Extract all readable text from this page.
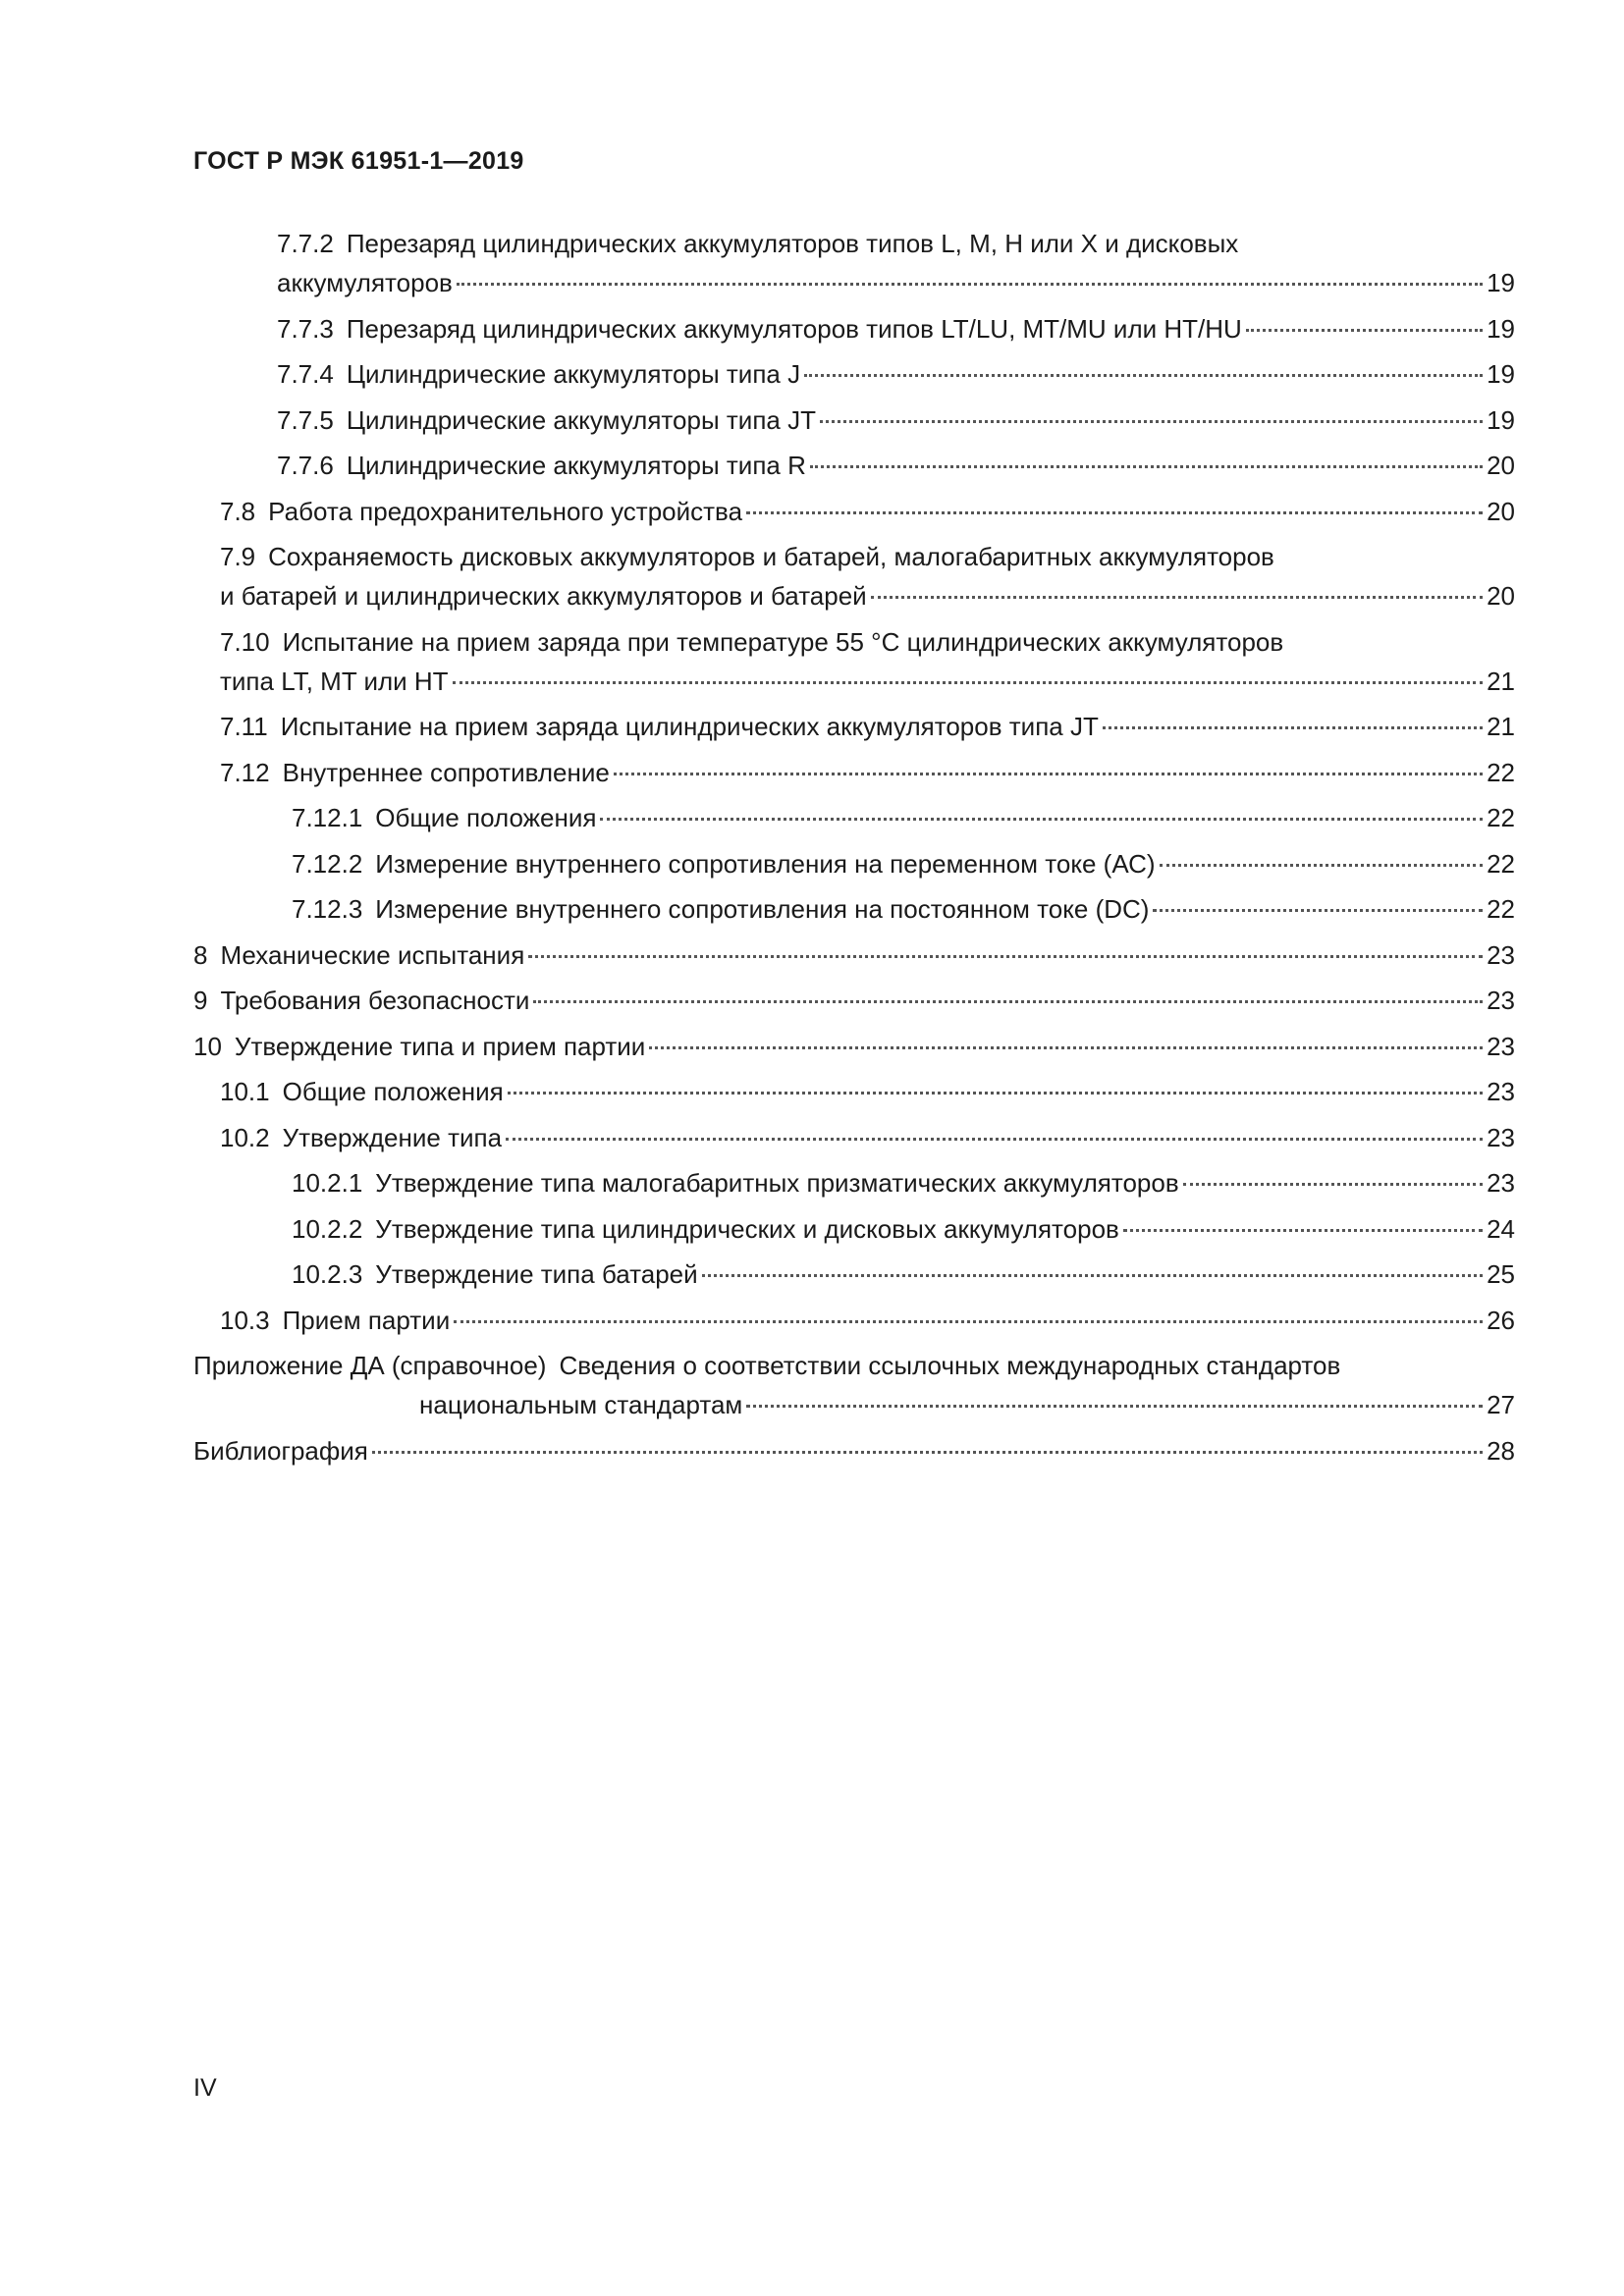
ГОСТ Р МЭК 61951-1—2019
7.7.2 Перезаряд цилиндрических аккумуляторов типов L, M, H или X и дисковых
аккумуляторов	19
7.7.3 Перезаряд цилиндрических аккумуляторов типов LT/LU, MT/MU или HT/HU	19
7.7.4 Цилиндрические аккумуляторы типа J	19
7.7.5 Цилиндрические аккумуляторы типа JT	19
7.7.6 Цилиндрические аккумуляторы типа R	20
7.8 Работа предохранительного устройства	20
7.9 Сохраняемость дисковых аккумуляторов и батарей, малогабаритных аккумуляторов
и батарей и цилиндрических аккумуляторов и батарей	20
7.10 Испытание на прием заряда при температуре 55 °С цилиндрических аккумуляторов
типа LT, MT или HT	21
7.11 Испытание на прием заряда цилиндрических аккумуляторов типа JT	21
7.12 Внутреннее сопротивление	22
7.12.1 Общие положения	22
7.12.2 Измерение внутреннего сопротивления на переменном токе (АС)	22
7.12.3 Измерение внутреннего сопротивления на постоянном токе (DC)	22
8 Механические испытания	23
9 Требования безопасности	23
10 Утверждение типа и прием партии	23
10.1 Общие положения	23
10.2 Утверждение типа	23
10.2.1 Утверждение типа малогабаритных призматических аккумуляторов	23
10.2.2 Утверждение типа цилиндрических и дисковых аккумуляторов	24
10.2.3 Утверждение типа батарей	25
10.3 Прием партии	26
Приложение ДА (справочное) Сведения о соответствии ссылочных международных стандартов
национальным стандартам	27
Библиография	28
IV
